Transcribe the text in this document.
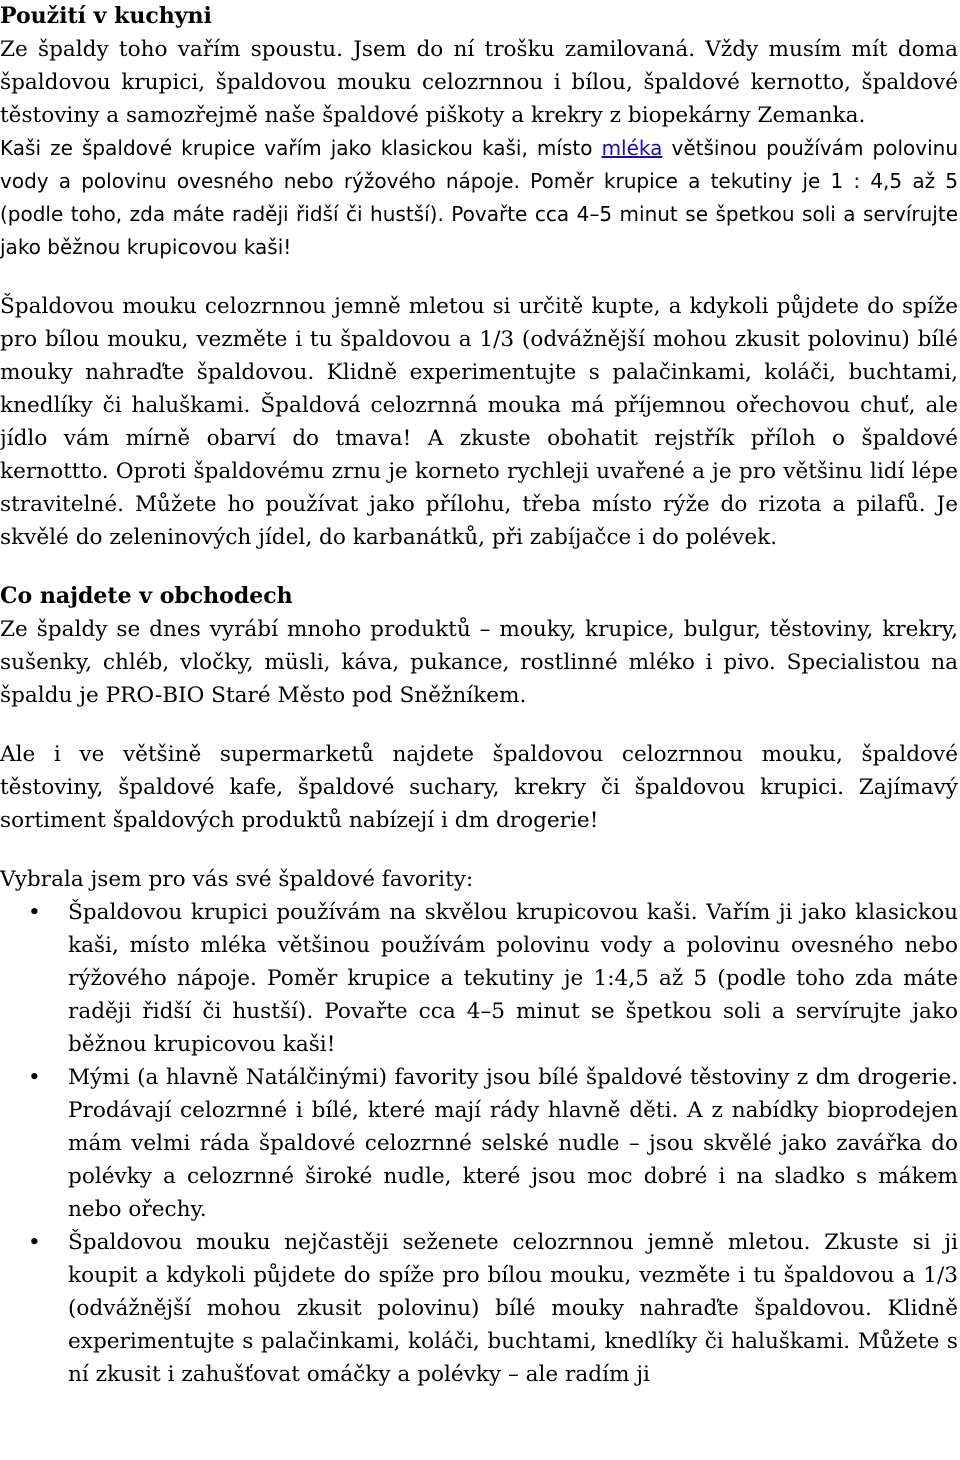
Použití v kuchyni

Ze špaldy toho vařím spoustu. Jsem do ní trošku zamilovaná. Vždy musím mít doma špaldovou krupici, špaldovou mouku celozrnnou i bílou, špaldové kernotto, špaldové těstoviny a samozřejmě naše špaldové piškoty a krekry z biopekárny Zemanka.

Kaši ze špaldové krupice vařím jako klasickou kaši, místo mléka většinou používám polovinu vody a polovinu ovesného nebo rýžového nápoje. Poměr krupice a tekutiny je 1 : 4,5 až 5 (podle toho, zda máte raději řidší či hustší). Povařte cca 4–5 minut se špetkou soli a servírujte jako běžnou krupicovou kaši!

Špaldovou mouku celozrnnou jemně mletou si určitě kupte, a kdykoli půjdete do spíže pro bílou mouku, vezměte i tu špaldovou a 1/3 (odvážnější mohou zkusit polovinu) bílé mouky nahraďte špaldovou. Klidně experimentujte s palačinkami, koláči, buchtami, knedlíky či haluškami. Špaldová celozrnná mouka má příjemnou ořechovou chuť, ale jídlo vám mírně obarví do tmava! A zkuste obohatit rejstřík příloh o špaldové kernottto. Oproti špaldovému zrnu je korneto rychleji uvařené a je pro většinu lidí lépe stravitelné. Můžete ho používat jako přílohu, třeba místo rýže do rizota a pilafů. Je skvělé do zeleninových jídel, do karbanátků, při zabíjačce i do polévek.

Co najdete v obchodech

Ze špaldy se dnes vyrábí mnoho produktů – mouky, krupice, bulgur, těstoviny, krekry, sušenky, chléb, vločky, müsli, káva, pukance, rostlinné mléko i pivo. Specialistou na špaldu je PRO-BIO Staré Město pod Sněžníkem.

Ale i ve většině supermarketů najdete špaldovou celozrnnou mouku, špaldové těstoviny, špaldové kafe, špaldové suchary, krekry či špaldovou krupici. Zajímavý sortiment špaldových produktů nabízejí i dm drogerie!

Vybrala jsem pro vás své špaldové favority:

• Špaldovou krupici používám na skvělou krupicovou kaši. Vařím ji jako klasickou kaši, místo mléka většinou používám polovinu vody a polovinu ovesného nebo rýžového nápoje. Poměr krupice a tekutiny je 1:4,5 až 5 (podle toho zda máte raději řidší či hustší). Povařte cca 4–5 minut se špetkou soli a servírujte jako běžnou krupicovou kaši!
• Mými (a hlavně Natálčinými) favority jsou bílé špaldové těstoviny z dm drogerie. Prodávají celozrnné i bílé, které mají rády hlavně děti. A z nabídky bioprodejen mám velmi ráda špaldové celozrnné selské nudle – jsou skvělé jako zavářka do polévky a celozrnné široké nudle, které jsou moc dobré i na sladko s mákem nebo ořechy.
• Špaldovou mouku nejčastěji seženete celozrnnou jemně mletou. Zkuste si ji koupit a kdykoli půjdete do spíže pro bílou mouku, vezměte i tu špaldovou a 1/3 (odvážnější mohou zkusit polovinu) bílé mouky nahraďte špaldovou. Klidně experimentujte s palačinkami, koláči, buchtami, knedlíky či haluškami. Můžete s ní zkusit i zahušťovat omáčky a polévky – ale radím ji
